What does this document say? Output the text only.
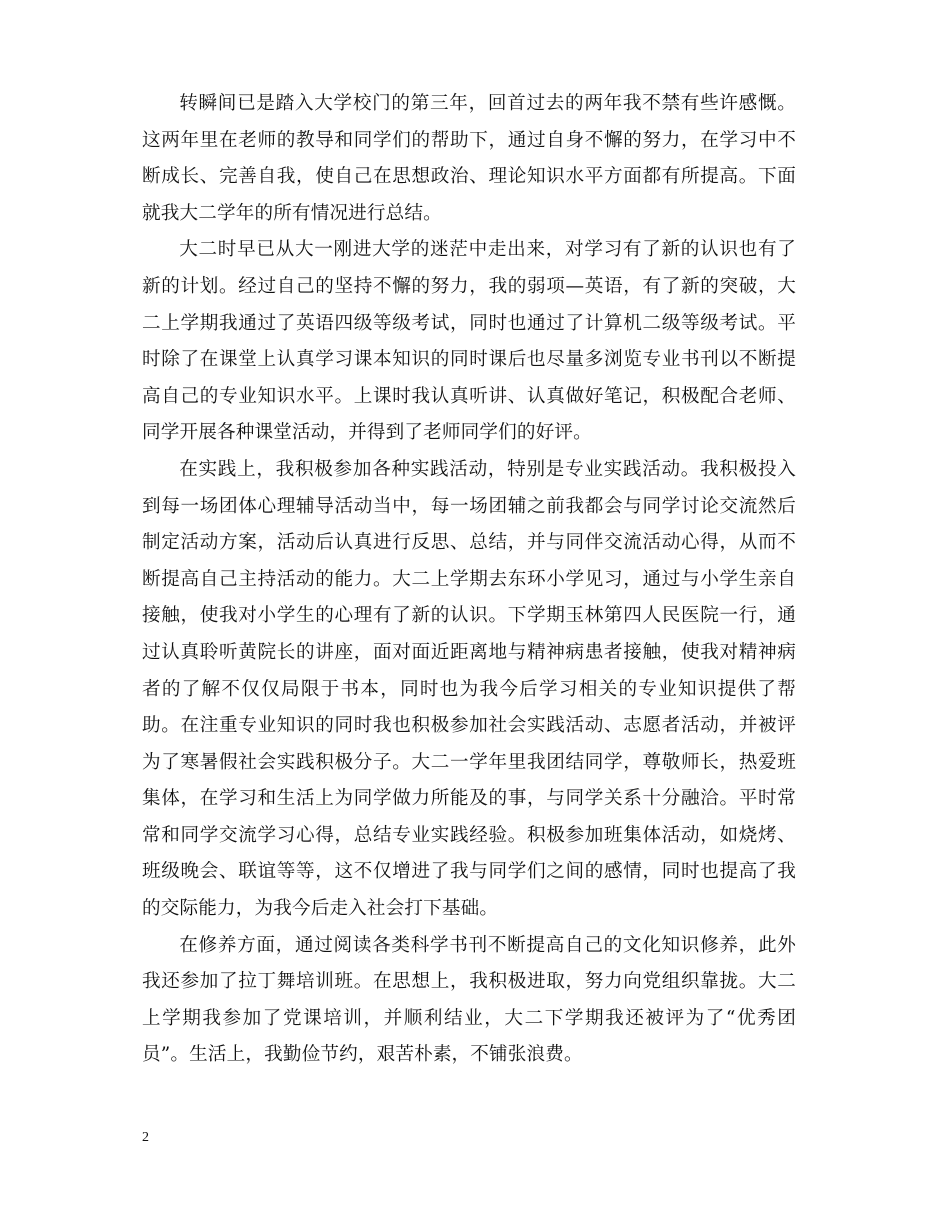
转瞬间已是踏入大学校门的第三年，回首过去的两年我不禁有些许感慨。这两年里在老师的教导和同学们的帮助下，通过自身不懈的努力，在学习中不断成长、完善自我，使自己在思想政治、理论知识水平方面都有所提高。下面就我大二学年的所有情况进行总结。

大二时早已从大一刚进大学的迷茫中走出来，对学习有了新的认识也有了新的计划。经过自己的坚持不懈的努力，我的弱项—英语，有了新的突破，大二上学期我通过了英语四级等级考试，同时也通过了计算机二级等级考试。平时除了在课堂上认真学习课本知识的同时课后也尽量多浏览专业书刊以不断提高自己的专业知识水平。上课时我认真听讲、认真做好笔记，积极配合老师、同学开展各种课堂活动，并得到了老师同学们的好评。

在实践上，我积极参加各种实践活动，特别是专业实践活动。我积极投入到每一场团体心理辅导活动当中，每一场团辅之前我都会与同学讨论交流然后制定活动方案，活动后认真进行反思、总结，并与同伴交流活动心得，从而不断提高自己主持活动的能力。大二上学期去东环小学见习，通过与小学生亲自接触，使我对小学生的心理有了新的认识。下学期玉林第四人民医院一行，通过认真聆听黄院长的讲座，面对面近距离地与精神病患者接触，使我对精神病者的了解不仅仅局限于书本，同时也为我今后学习相关的专业知识提供了帮助。在注重专业知识的同时我也积极参加社会实践活动、志愿者活动，并被评为了寒暑假社会实践积极分子。大二一学年里我团结同学，尊敬师长，热爱班集体，在学习和生活上为同学做力所能及的事，与同学关系十分融洽。平时常常和同学交流学习心得，总结专业实践经验。积极参加班集体活动，如烧烤、班级晚会、联谊等等，这不仅增进了我与同学们之间的感情，同时也提高了我的交际能力，为我今后走入社会打下基础。

在修养方面，通过阅读各类科学书刊不断提高自己的文化知识修养，此外我还参加了拉丁舞培训班。在思想上，我积极进取，努力向党组织靠拢。大二上学期我参加了党课培训，并顺利结业，大二下学期我还被评为了“优秀团员”。生活上，我勤俭节约，艰苦朴素，不铺张浪费。

2
